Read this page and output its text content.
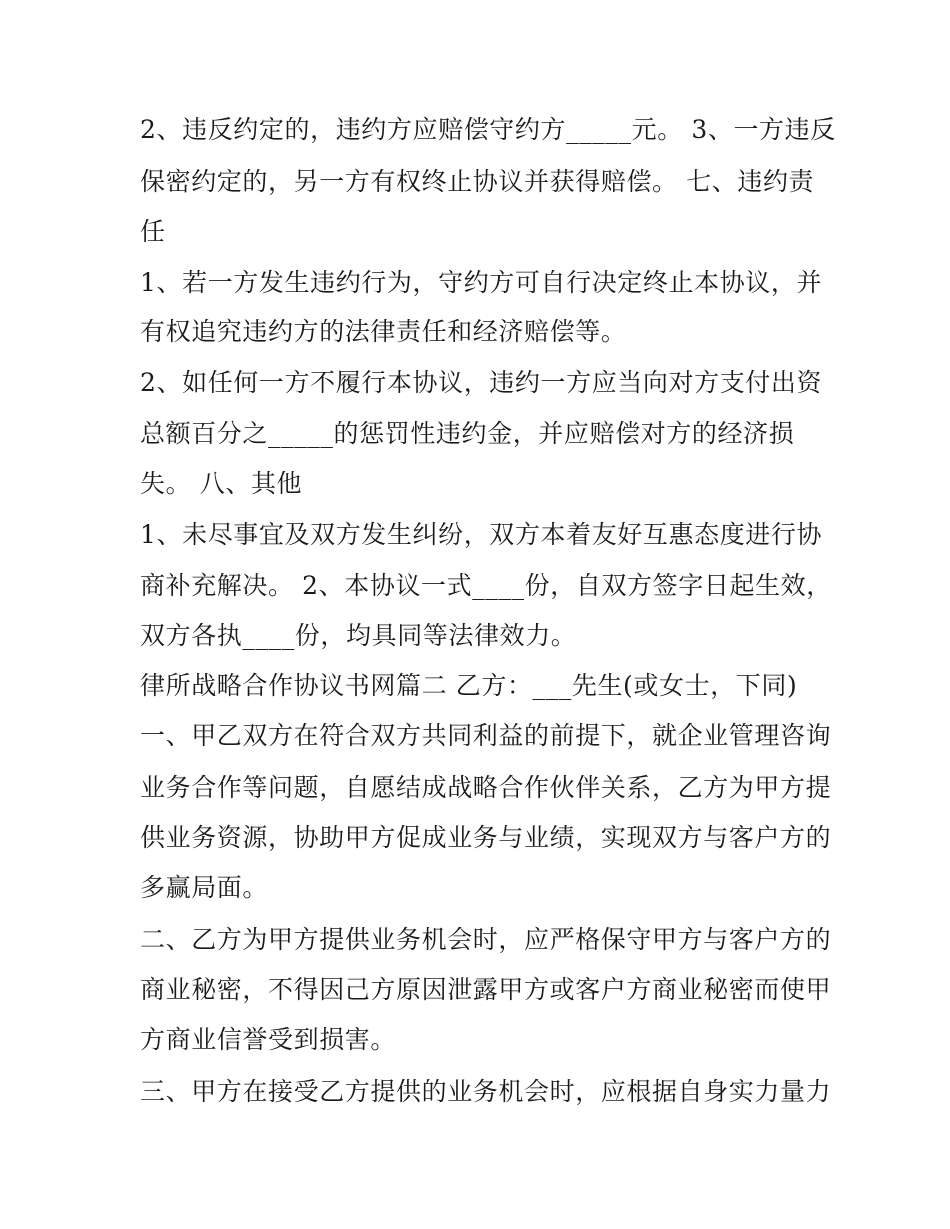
2、违反约定的，违约方应赔偿守约方_____元。 3、一方违反
保密约定的，另一方有权终止协议并获得赔偿。 七、违约责
任
1、若一方发生违约行为，守约方可自行决定终止本协议，并
有权追究违约方的法律责任和经济赔偿等。
2、如任何一方不履行本协议，违约一方应当向对方支付出资
总额百分之_____的惩罚性违约金，并应赔偿对方的经济损
失。 八、其他
1、未尽事宜及双方发生纠纷，双方本着友好互惠态度进行协
商补充解决。 2、本协议一式____份，自双方签字日起生效，
双方各执____份，均具同等法律效力。
律所战略合作协议书网篇二 乙方：___先生(或女士，下同)
一、甲乙双方在符合双方共同利益的前提下，就企业管理咨询
业务合作等问题，自愿结成战略合作伙伴关系，乙方为甲方提
供业务资源，协助甲方促成业务与业绩，实现双方与客户方的
多赢局面。
二、乙方为甲方提供业务机会时，应严格保守甲方与客户方的
商业秘密，不得因己方原因泄露甲方或客户方商业秘密而使甲
方商业信誉受到损害。
三、甲方在接受乙方提供的业务机会时，应根据自身实力量力
